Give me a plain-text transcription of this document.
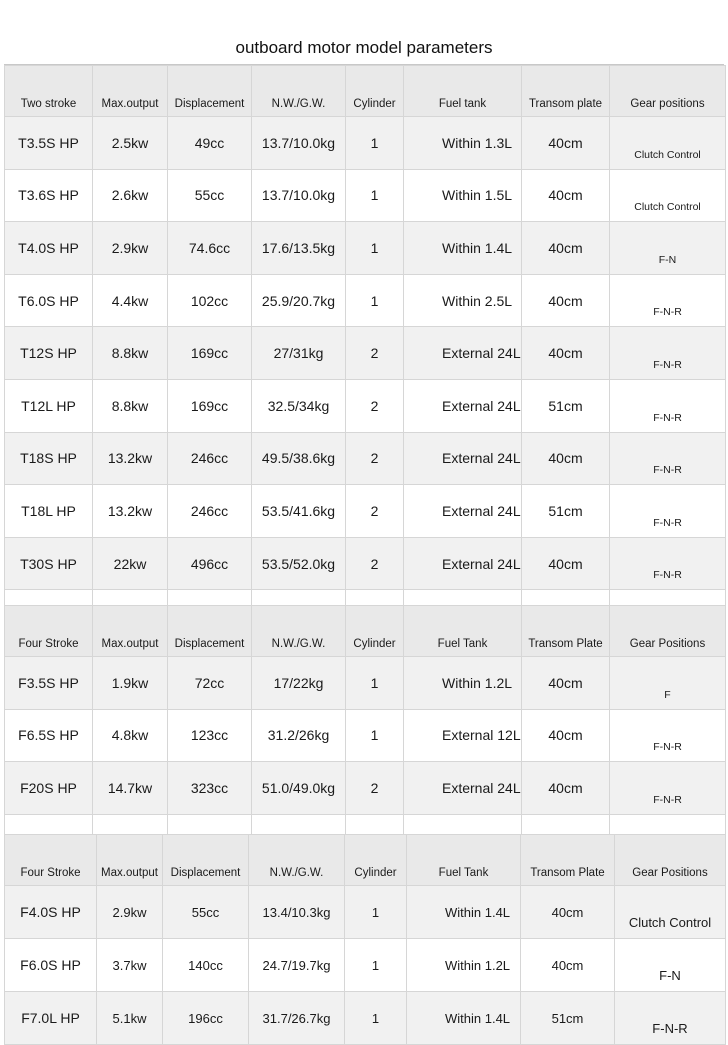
outboard motor model parameters
Two stroke	Max.output	Displacement	N.W./G.W.	Cylinder	Fuel tank	Transom plate	Gear positions
T3.5S HP	2.5kw	49cc	13.7/10.0kg	1	Within 1.3L	40cm	Clutch Control
T3.6S HP	2.6kw	55cc	13.7/10.0kg	1	Within 1.5L	40cm	Clutch Control
T4.0S HP	2.9kw	74.6cc	17.6/13.5kg	1	Within 1.4L	40cm	F-N
T6.0S HP	4.4kw	102cc	25.9/20.7kg	1	Within 2.5L	40cm	F-N-R
T12S HP	8.8kw	169cc	27/31kg	2	External 24L	40cm	F-N-R
T12L HP	8.8kw	169cc	32.5/34kg	2	External 24L	51cm	F-N-R
T18S HP	13.2kw	246cc	49.5/38.6kg	2	External 24L	40cm	F-N-R
T18L HP	13.2kw	246cc	53.5/41.6kg	2	External 24L	51cm	F-N-R
T30S HP	22kw	496cc	53.5/52.0kg	2	External 24L	40cm	F-N-R

Four Stroke	Max.output	Displacement	N.W./G.W.	Cylinder	Fuel Tank	Transom Plate	Gear Positions
F3.5S HP	1.9kw	72cc	17/22kg	1	Within 1.2L	40cm	F
F6.5S HP	4.8kw	123cc	31.2/26kg	1	External 12L	40cm	F-N-R
F20S HP	14.7kw	323cc	51.0/49.0kg	2	External 24L	40cm	F-N-R

Four Stroke	Max.output	Displacement	N.W./G.W.	Cylinder	Fuel Tank	Transom Plate	Gear Positions
F4.0S HP	2.9kw	55cc	13.4/10.3kg	1	Within 1.4L	40cm	Clutch Control
F6.0S HP	3.7kw	140cc	24.7/19.7kg	1	Within 1.2L	40cm	F-N
F7.0L HP	5.1kw	196cc	31.7/26.7kg	1	Within 1.4L	51cm	F-N-R
